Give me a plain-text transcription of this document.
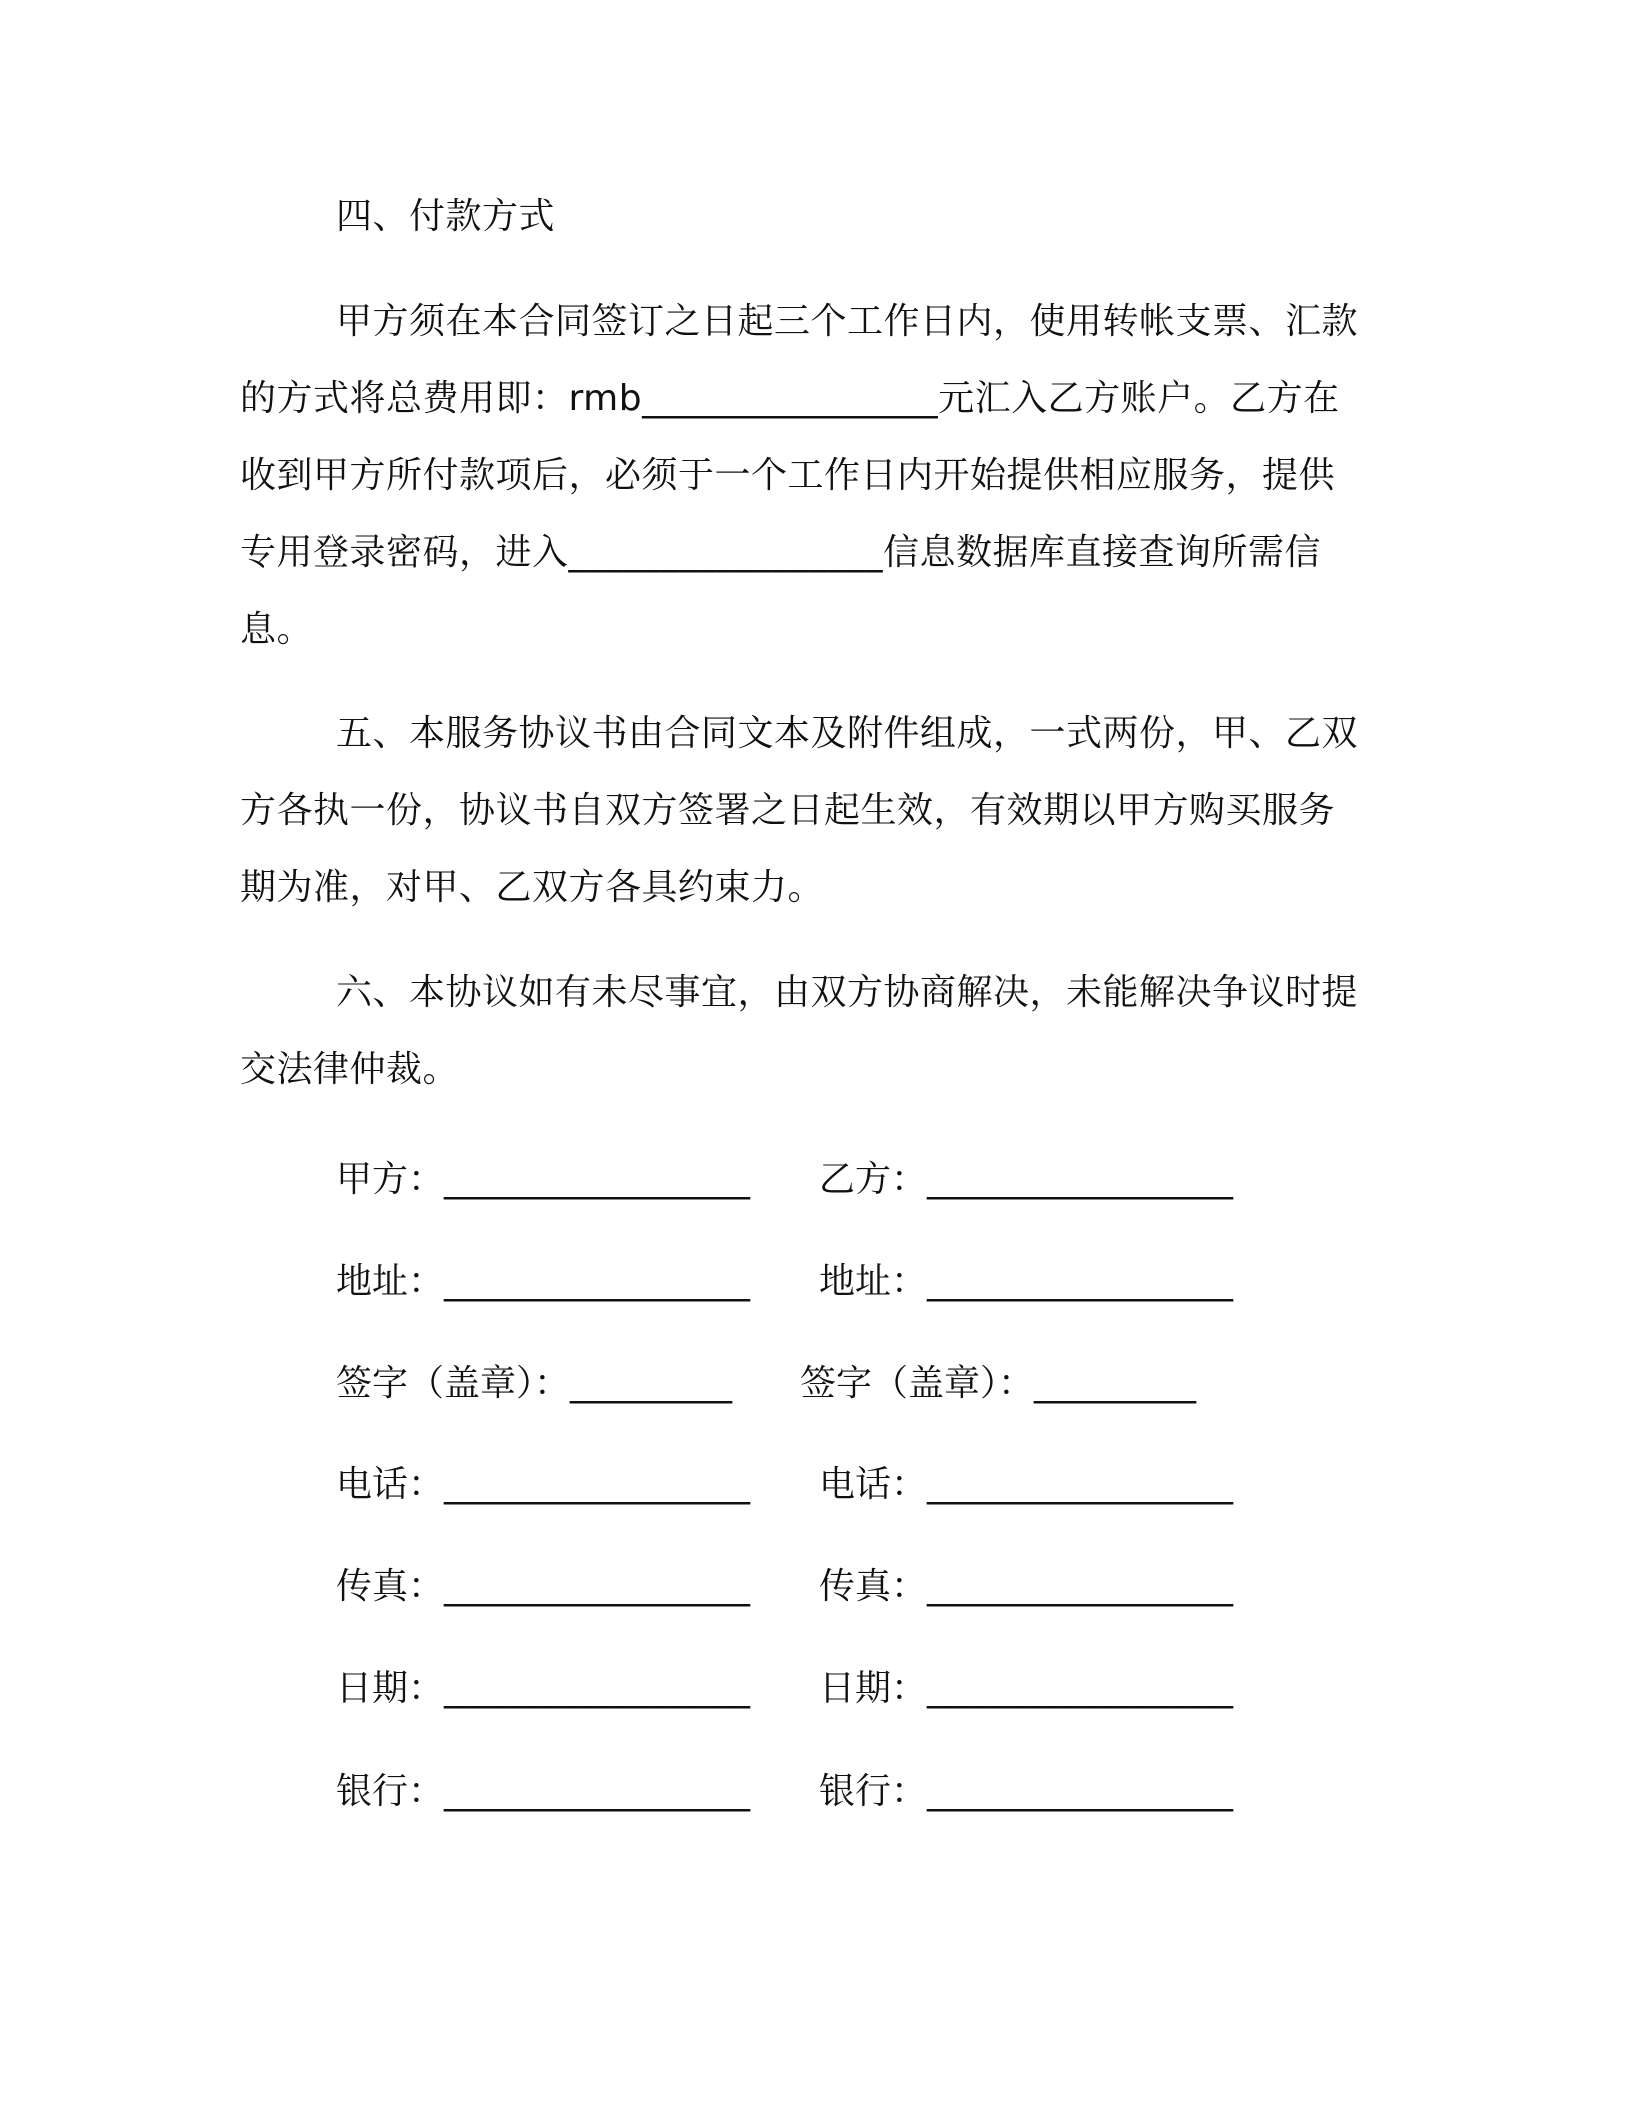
四、付款方式
甲方须在本合同签订之日起三个工作日内，使用转帐支票、汇款
的方式将总费用即：rmb________________元汇入乙方账户。乙方在
收到甲方所付款项后，必须于一个工作日内开始提供相应服务，提供
专用登录密码，进入_________________信息数据库直接查询所需信
息。
五、本服务协议书由合同文本及附件组成，一式两份，甲、乙双
方各执一份，协议书自双方签署之日起生效，有效期以甲方购买服务
期为准，对甲、乙双方各具约束力。
六、本协议如有未尽事宜，由双方协商解决，未能解决争议时提
交法律仲裁。
甲方：_________________ 乙方：_________________
地址：_________________ 地址：_________________
签字（盖章）：_________ 签字（盖章）：_________
电话：_________________ 电话：_________________
传真：_________________ 传真：_________________
日期：_________________ 日期：_________________
银行：_________________ 银行：_________________
